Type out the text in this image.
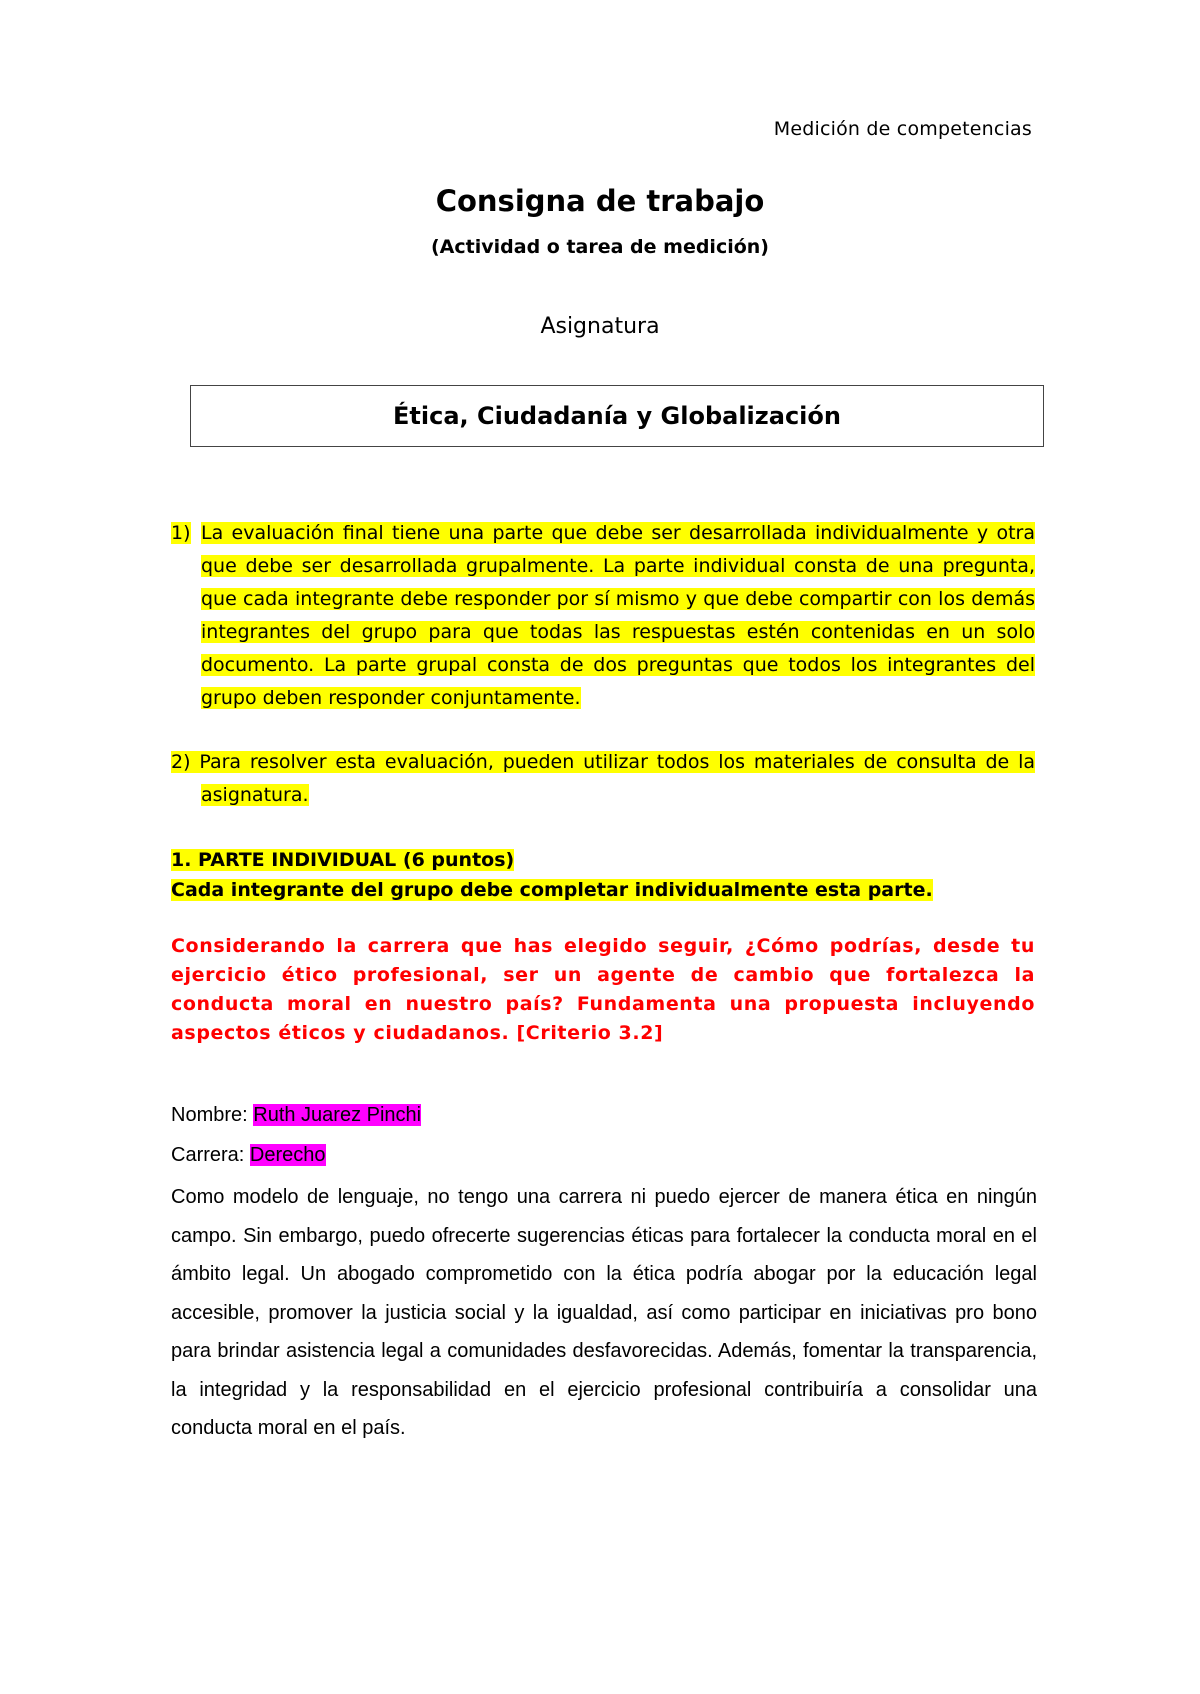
Medición de competencias
Consigna de trabajo
(Actividad o tarea de medición)
Asignatura
Ética, Ciudadanía y Globalización
1) La evaluación final tiene una parte que debe ser desarrollada individualmente y otra
que debe ser desarrollada grupalmente. La parte individual consta de una pregunta, que cada integrante debe responder por sí mismo y que debe compartir con los demás integrantes del grupo para que todas las respuestas estén contenidas en un solo documento. La parte grupal consta de dos preguntas que todos los integrantes del grupo deben responder conjuntamente.
2) Para resolver esta evaluación, pueden utilizar todos los materiales de consulta de la
asignatura.
1. PARTE INDIVIDUAL (6 puntos)
Cada integrante del grupo debe completar individualmente esta parte.
Considerando la carrera que has elegido seguir, ¿Cómo podrías, desde tu ejercicio ético profesional, ser un agente de cambio que fortalezca la conducta moral en nuestro país? Fundamenta una propuesta incluyendo aspectos éticos y ciudadanos. [Criterio 3.2]
Nombre: Ruth Juarez Pinchi
Carrera: Derecho
Como modelo de lenguaje, no tengo una carrera ni puedo ejercer de manera ética en ningún campo. Sin embargo, puedo ofrecerte sugerencias éticas para fortalecer la conducta moral en el ámbito legal. Un abogado comprometido con la ética podría abogar por la educación legal accesible, promover la justicia social y la igualdad, así como participar en iniciativas pro bono para brindar asistencia legal a comunidades desfavorecidas. Además, fomentar la transparencia, la integridad y la responsabilidad en el ejercicio profesional contribuiría a consolidar una conducta moral en el país.
